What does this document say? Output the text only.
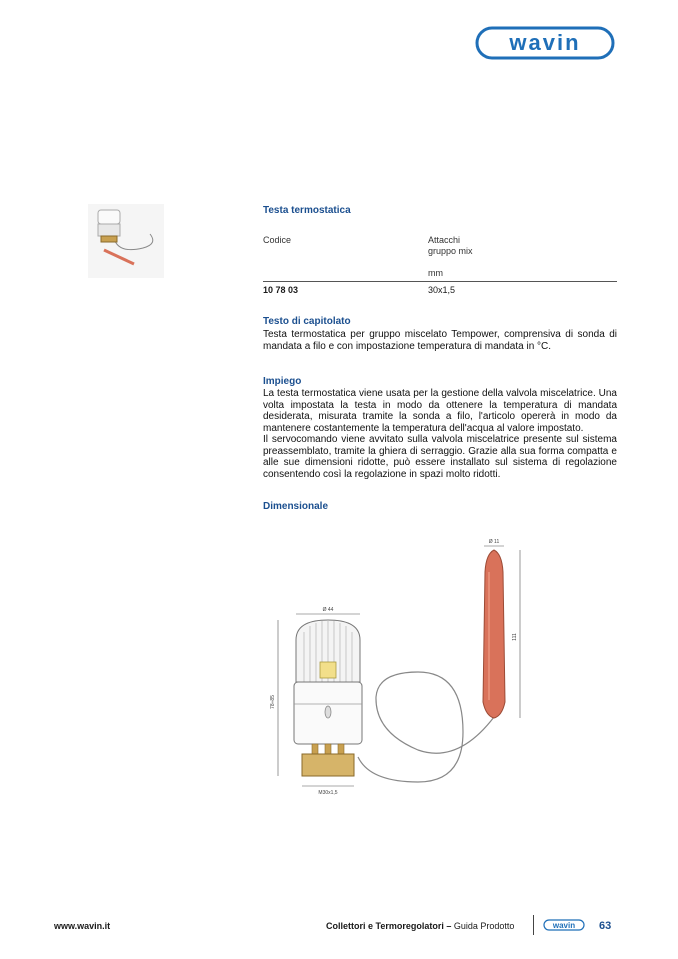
wavin
Testa termostatica
Codice	Attacchi
gruppo mix
mm
10 78 03	30x1,5
Testo di capitolato
Testa termostatica per gruppo miscelato Tempower, comprensiva di sonda di mandata a filo e con impostazione temperatura di mandata in °C.
Impiego

La testa termostatica viene usata per la gestione della valvola miscelatrice. Una volta impostata la testa in modo da ottenere la temperatura di mandata desiderata, misurata tramite la sonda a filo, l'articolo opererà in modo da mantenere costantemente la temperatura dell'acqua al valore impostato.

Il servocomando viene avvitato sulla valvola miscelatrice presente sul sistema preassemblato, tramite la ghiera di serraggio. Grazie alla sua forma compatta e alle sue dimensioni ridotte, può essere installato sul sistema di regolazione consentendo così la regolazione in spazi molto ridotti.

Dimensionale
Ø 44
78÷85
M30x1,5
Ø 11
111
www.wavin.it	Collettori e Termoregolatori – Guida Prodotto	wavin 63
